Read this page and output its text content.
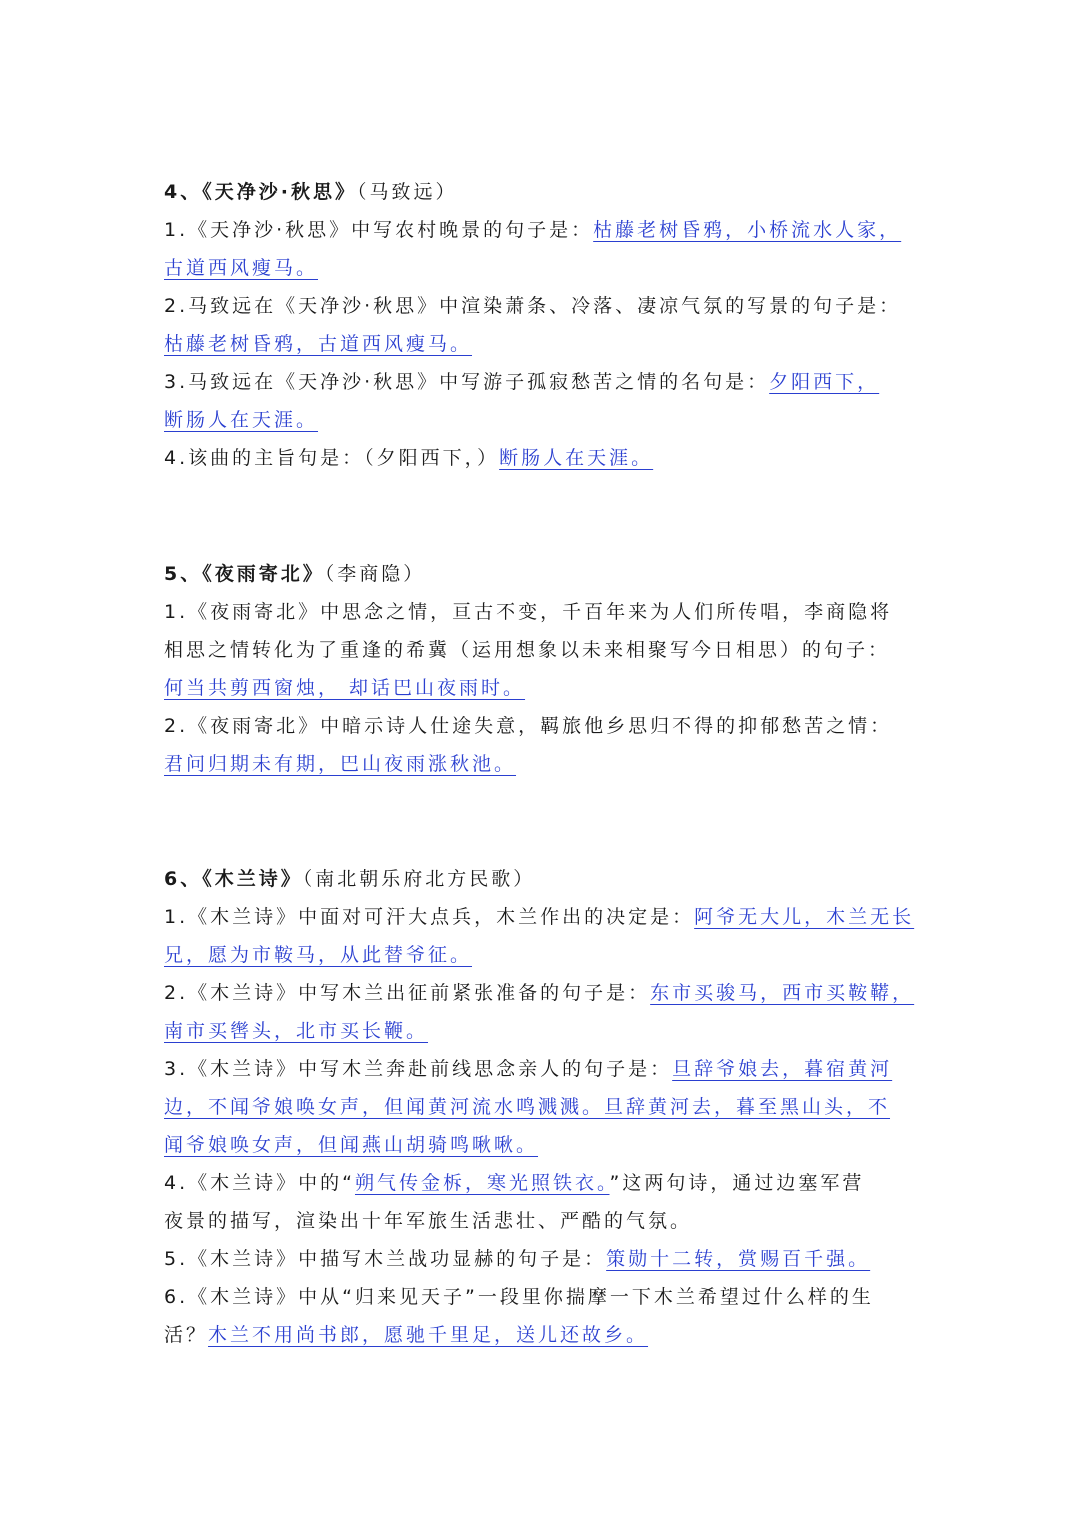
4、《天净沙·秋思》（马致远）
1.《天净沙·秋思》中写农村晚景的句子是：枯藤老树昏鸦，小桥流水人家，
古道西风瘦马。
2.马致远在《天净沙·秋思》中渲染萧条、冷落、凄凉气氛的写景的句子是：
枯藤老树昏鸦，古道西风瘦马。
3.马致远在《天净沙·秋思》中写游子孤寂愁苦之情的名句是：夕阳西下，
断肠人在天涯。
4.该曲的主旨句是：（夕阳西下，）断肠人在天涯。
5、《夜雨寄北》（李商隐）
1.《夜雨寄北》中思念之情，亘古不变，千百年来为人们所传唱，李商隐将
相思之情转化为了重逢的希冀（运用想象以未来相聚写今日相思）的句子：
何当共剪西窗烛， 却话巴山夜雨时。
2.《夜雨寄北》中暗示诗人仕途失意，羁旅他乡思归不得的抑郁愁苦之情：
君问归期未有期，巴山夜雨涨秋池。
6、《木兰诗》（南北朝乐府北方民歌）
1.《木兰诗》中面对可汗大点兵，木兰作出的决定是：阿爷无大儿，木兰无长
兄，愿为市鞍马，从此替爷征。
2.《木兰诗》中写木兰出征前紧张准备的句子是：东市买骏马，西市买鞍鞯，
南市买辔头，北市买长鞭。
3.《木兰诗》中写木兰奔赴前线思念亲人的句子是：旦辞爷娘去，暮宿黄河
边，不闻爷娘唤女声，但闻黄河流水鸣溅溅。旦辞黄河去，暮至黑山头，不
闻爷娘唤女声，但闻燕山胡骑鸣啾啾。
4.《木兰诗》中的“朔气传金柝，寒光照铁衣。”这两句诗，通过边塞军营
夜景的描写，渲染出十年军旅生活悲壮、严酷的气氛。
5.《木兰诗》中描写木兰战功显赫的句子是：策勋十二转，赏赐百千强。
6.《木兰诗》中从“归来见天子”一段里你揣摩一下木兰希望过什么样的生
活？木兰不用尚书郎，愿驰千里足，送儿还故乡。
